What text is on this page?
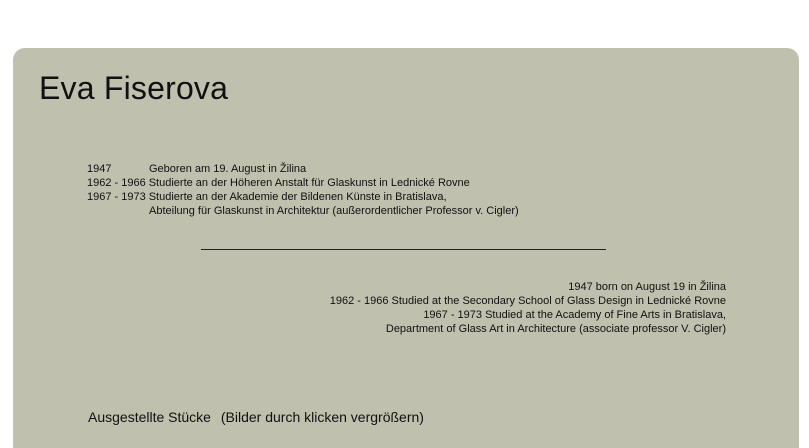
Eva Fiserova
1947	Geboren am 19. August in Žilina
1962 - 1966 Studierte an der Höheren Anstalt für Glaskunst in Lednické Rovne
1967 - 1973 Studierte an der Akademie der Bildenen Künste in Bratislava,
Abteilung für Glaskunst in Architektur (außerordentlicher Professor v. Cigler)
1947 born on August 19 in Žilina
1962 - 1966 Studied at the Secondary School of Glass Design in Lednické Rovne
1967 - 1973 Studied at the Academy of Fine Arts in Bratislava,
Department of Glass Art in Architecture (associate professor V. Cigler)
Ausgestellte Stücke (Bilder durch klicken vergrößern)
